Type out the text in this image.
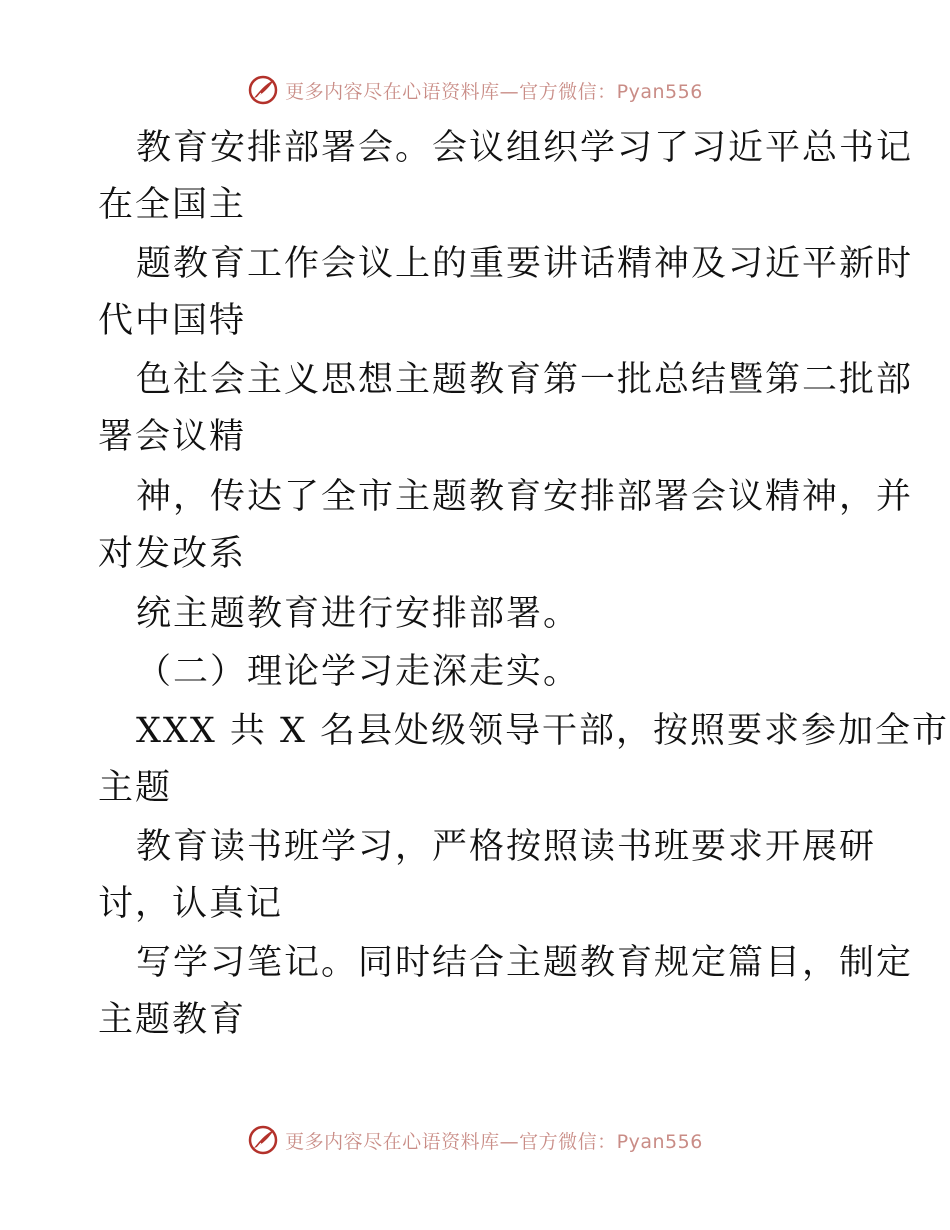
更多内容尽在心语资料库—官方微信：Pyan556
教育安排部署会。会议组织学习了习近平总书记
在全国主
题教育工作会议上的重要讲话精神及习近平新时
代中国特
色社会主义思想主题教育第一批总结暨第二批部
署会议精
神，传达了全市主题教育安排部署会议精神，并
对发改系
统主题教育进行安排部署。
（二）理论学习走深走实。
XXX 共 X 名县处级领导干部，按照要求参加全市
主题
教育读书班学习，严格按照读书班要求开展研
讨，认真记
写学习笔记。同时结合主题教育规定篇目，制定
主题教育
更多内容尽在心语资料库—官方微信：Pyan556
